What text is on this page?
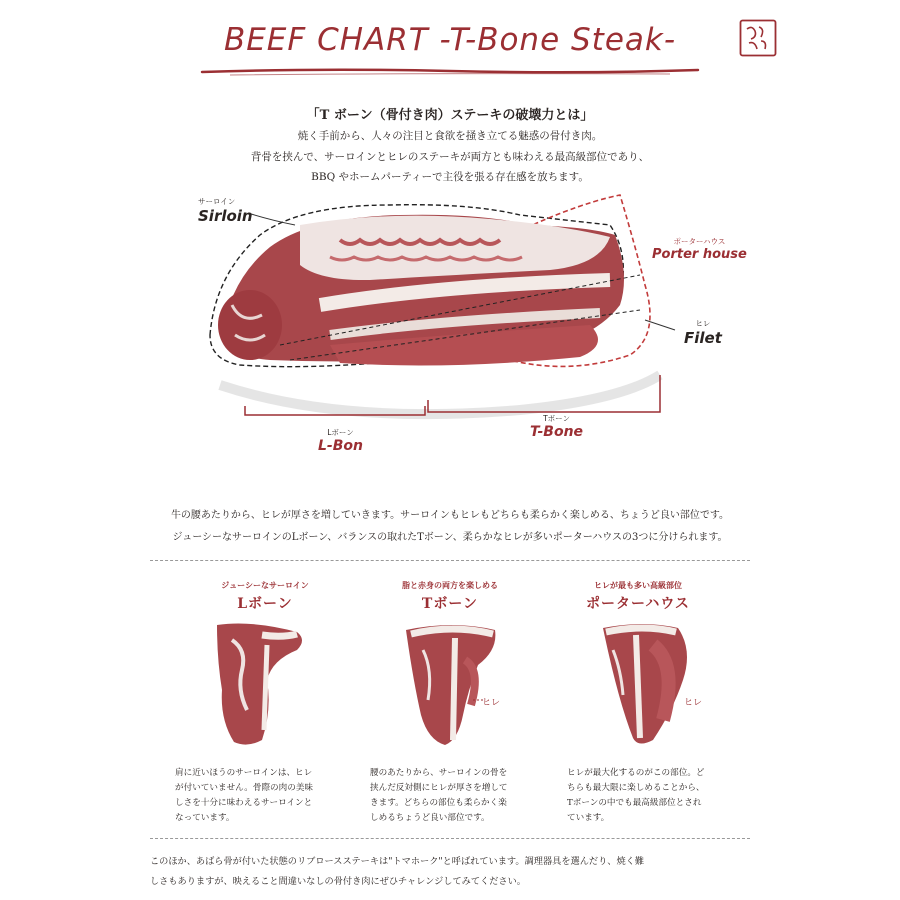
BEEF CHART -T-Bone Steak-
「T ボーン（骨付き肉）ステーキの破壊力とは」
焼く手前から、人々の注目と食欲を掻き立てる魅惑の骨付き肉。
背骨を挟んで、サーロインとヒレのステーキが両方とも味わえる最高級部位であり、
BBQ やホームパーティーで主役を張る存在感を放ちます。
サーロイン
Sirloin
ポーターハウス
Porter house
ヒレ
Filet
Lボーン
L-Bon
Tボーン
T-Bone
牛の腰あたりから、ヒレが厚さを増していきます。サーロインもヒレもどちらも柔らかく楽しめる、ちょうど良い部位です。
ジューシーなサーロインのLボーン、バランスの取れたTボーン、柔らかなヒレが多いポーターハウスの3つに分けられます。
ジューシーなサーロイン
Lボーン
脂と赤身の両方を楽しめる
Tボーン
ヒレが最も多い高級部位
ポーターハウス
ヒレ	ヒレ
肩に近いほうのサーロインは、ヒレ
が付いていません。骨際の肉の美味
しさを十分に味わえるサーロインと
なっています。
腰のあたりから、サーロインの骨を
挟んだ反対側にヒレが厚さを増して
きます。どちらの部位も柔らかく楽
しめるちょうど良い部位です。
ヒレが最大化するのがこの部位。ど
ちらも最大限に楽しめることから、
Tボーンの中でも最高級部位とされ
ています。
このほか、あばら骨が付いた状態のリブロースステーキは"トマホーク"と呼ばれています。調理器具を選んだり、焼く難
しさもありますが、映えること間違いなしの骨付き肉にぜひチャレンジしてみてください。
